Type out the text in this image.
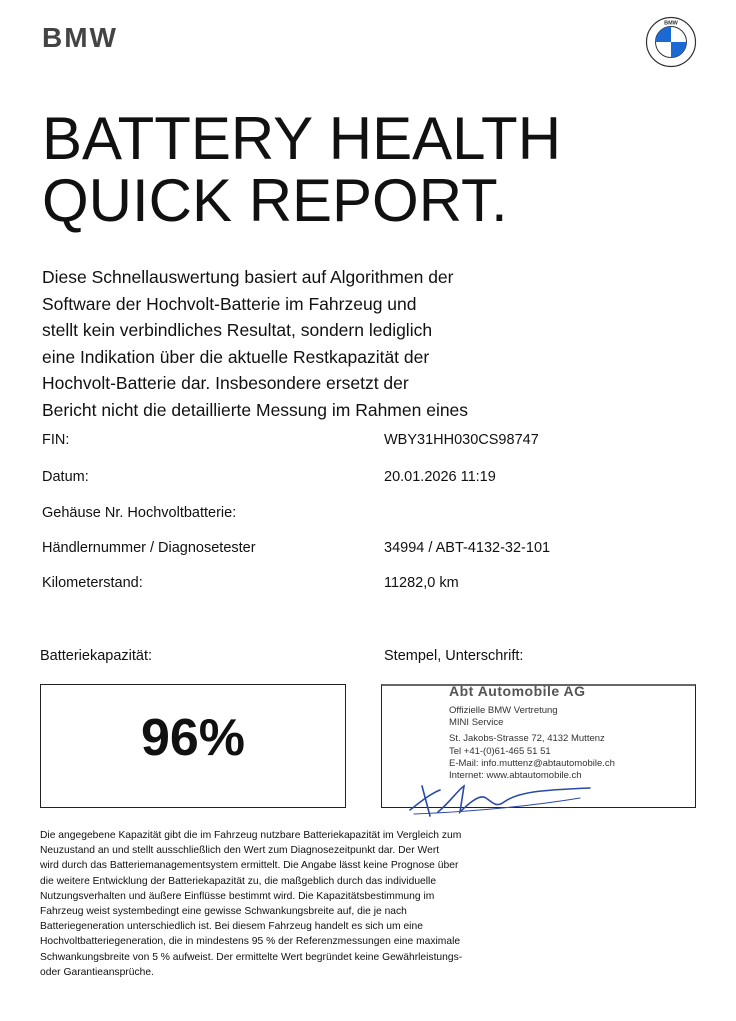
BMW	BMW
BATTERY HEALTH
QUICK REPORT.
Diese Schnellauswertung basiert auf Algorithmen der
Software der Hochvolt-Batterie im Fahrzeug und
stellt kein verbindliches Resultat, sondern lediglich
eine Indikation über die aktuelle Restkapazität der
Hochvolt-Batterie dar. Insbesondere ersetzt der
Bericht nicht die detaillierte Messung im Rahmen eines
FIN:	WBY31HH030CS98747
Datum:	20.01.2026 11:19
Gehäuse Nr. Hochvoltbatterie:
Händlernummer / Diagnosetester	34994 / ABT-4132-32-101
Kilometerstand:	11282,0 km
Batteriekapazität:
96%
Stempel, Unterschrift:
Abt Automobile AG
Offizielle BMW Vertretung
MINI Service
St. Jakobs-Strasse 72, 4132 Muttenz
Tel +41-(0)61-465 51 51
E-Mail: info.muttenz@abtautomobile.ch
Internet: www.abtautomobile.ch
Die angegebene Kapazität gibt die im Fahrzeug nutzbare Batteriekapazität im Vergleich zum
Neuzustand an und stellt ausschließlich den Wert zum Diagnosezeitpunkt dar. Der Wert
wird durch das Batteriemanagementsystem ermittelt. Die Angabe lässt keine Prognose über
die weitere Entwicklung der Batteriekapazität zu, die maßgeblich durch das individuelle
Nutzungsverhalten und äußere Einflüsse bestimmt wird. Die Kapazitätsbestimmung im
Fahrzeug weist systembedingt eine gewisse Schwankungsbreite auf, die je nach
Batteriegeneration unterschiedlich ist. Bei diesem Fahrzeug handelt es sich um eine
Hochvoltbatteriegeneration, die in mindestens 95 % der Referenzmessungen eine maximale
Schwankungsbreite von 5 % aufweist. Der ermittelte Wert begründet keine Gewährleistungs-
oder Garantieansprüche.
